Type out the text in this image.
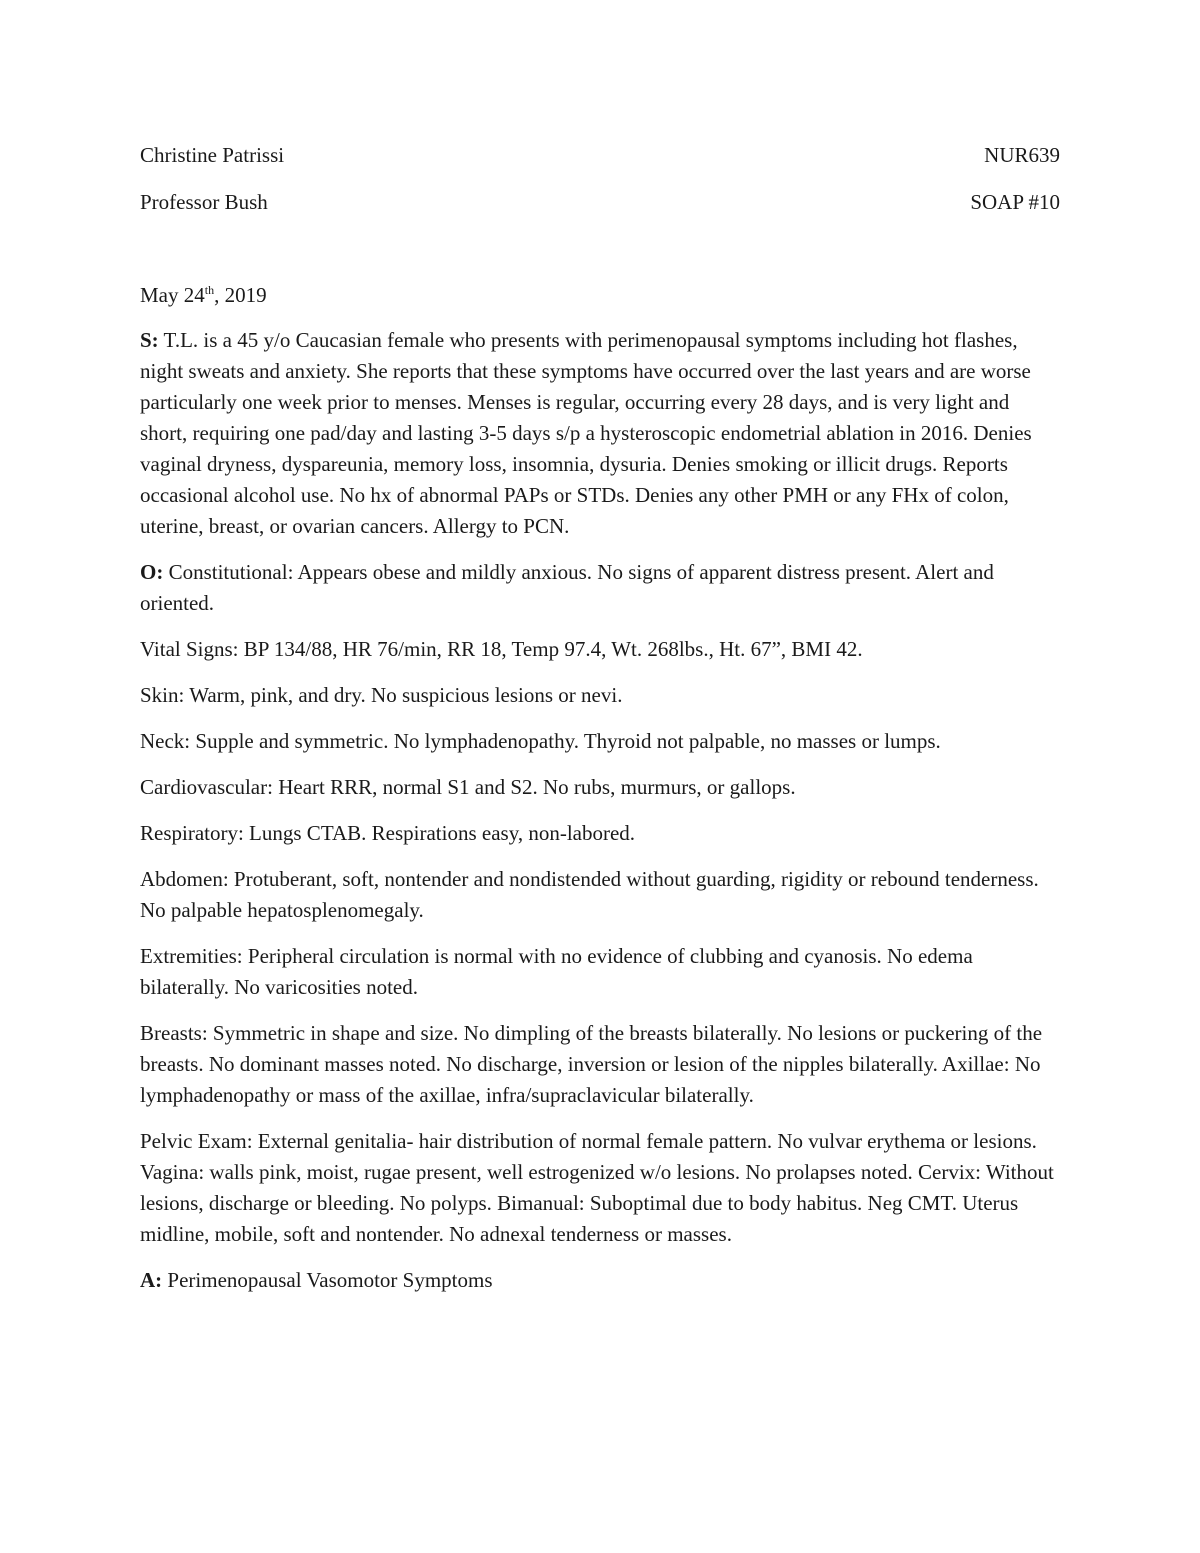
Christine Patrissi	NUR639
Professor Bush	SOAP #10
May 24th, 2019

S: T.L. is a 45 y/o Caucasian female who presents with perimenopausal symptoms including hot flashes, night sweats and anxiety. She reports that these symptoms have occurred over the last years and are worse particularly one week prior to menses. Menses is regular, occurring every 28 days, and is very light and short, requiring one pad/day and lasting 3-5 days s/p a hysteroscopic endometrial ablation in 2016. Denies vaginal dryness, dyspareunia, memory loss, insomnia, dysuria. Denies smoking or illicit drugs. Reports occasional alcohol use. No hx of abnormal PAPs or STDs. Denies any other PMH or any FHx of colon, uterine, breast, or ovarian cancers. Allergy to PCN.

O: Constitutional: Appears obese and mildly anxious. No signs of apparent distress present. Alert and oriented.

Vital Signs: BP 134/88, HR 76/min, RR 18, Temp 97.4, Wt. 268lbs., Ht. 67”, BMI 42.

Skin: Warm, pink, and dry. No suspicious lesions or nevi.

Neck: Supple and symmetric. No lymphadenopathy. Thyroid not palpable, no masses or lumps.

Cardiovascular: Heart RRR, normal S1 and S2. No rubs, murmurs, or gallops.

Respiratory: Lungs CTAB. Respirations easy, non-labored.

Abdomen: Protuberant, soft, nontender and nondistended without guarding, rigidity or rebound tenderness. No palpable hepatosplenomegaly.

Extremities: Peripheral circulation is normal with no evidence of clubbing and cyanosis. No edema bilaterally. No varicosities noted.

Breasts: Symmetric in shape and size. No dimpling of the breasts bilaterally. No lesions or puckering of the breasts. No dominant masses noted. No discharge, inversion or lesion of the nipples bilaterally. Axillae: No lymphadenopathy or mass of the axillae, infra/supraclavicular bilaterally.

Pelvic Exam: External genitalia- hair distribution of normal female pattern. No vulvar erythema or lesions. Vagina: walls pink, moist, rugae present, well estrogenized w/o lesions. No prolapses noted. Cervix: Without lesions, discharge or bleeding. No polyps. Bimanual: Suboptimal due to body habitus. Neg CMT. Uterus midline, mobile, soft and nontender. No adnexal tenderness or masses.

A: Perimenopausal Vasomotor Symptoms
